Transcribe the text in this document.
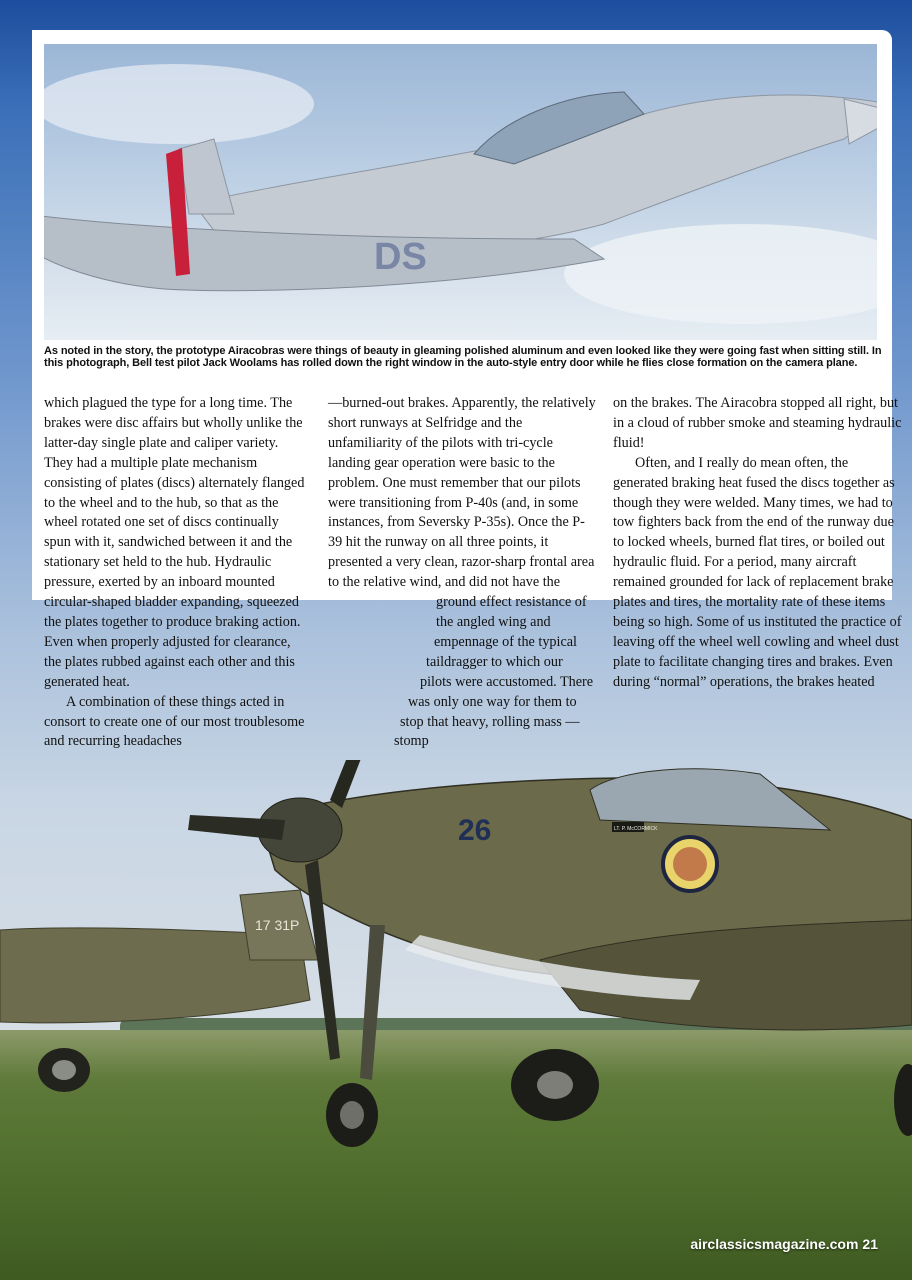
DS
As noted in the story, the prototype Airacobras were things of beauty in gleaming polished aluminum and even looked like they were going fast when sitting still. In this photograph, Bell test pilot Jack Woolams has rolled down the right window in the auto-style entry door while he flies close formation on the camera plane.

which plagued the type for a long time. The brakes were disc affairs but wholly unlike the latter-day single plate and caliper variety. They had a multiple plate mechanism consisting of plates (discs) alternately flanged to the wheel and to the hub, so that as the wheel rotated one set of discs continually spun with it, sandwiched between it and the stationary set held to the hub. Hydraulic pressure, exerted by an inboard mounted circular-shaped bladder expanding, squeezed the plates together to produce braking action. Even when properly adjusted for clearance, the plates rubbed against each other and this generated heat.

A combination of these things acted in consort to create one of our most troublesome and recurring headaches

—burned-out brakes. Apparently, the relatively short runways at Selfridge and the unfamiliarity of the pilots with tri-cycle landing gear operation were basic to the problem. One must remember that our pilots were transitioning from P-40s (and, in some instances, from Seversky P-35s). Once the P-39 hit the runway on all three points, it presented a very clean, razor-sharp frontal area to the relative wind, and did not have the ground effect resistance of the angled wing and empennage of the typical taildragger to which our pilots were accustomed. There was only one way for them to stop that heavy, rolling mass — stomp

on the brakes. The Airacobra stopped all right, but in a cloud of rubber smoke and steaming hydraulic fluid!

Often, and I really do mean often, the generated braking heat fused the discs together as though they were welded. Many times, we had to tow fighters back from the end of the runway due to locked wheels, burned flat tires, or boiled out hydraulic fluid. For a period, many aircraft remained grounded for lack of replacement brake plates and tires, the mortality rate of these items being so high. Some of us instituted the practice of leaving off the wheel well cowling and wheel dust plate to facilitate changing tires and brakes. Even during “normal” operations, the brakes heated

17 31P
26	LT. P. McCORMICK
airclassicsmagazine.com 21
